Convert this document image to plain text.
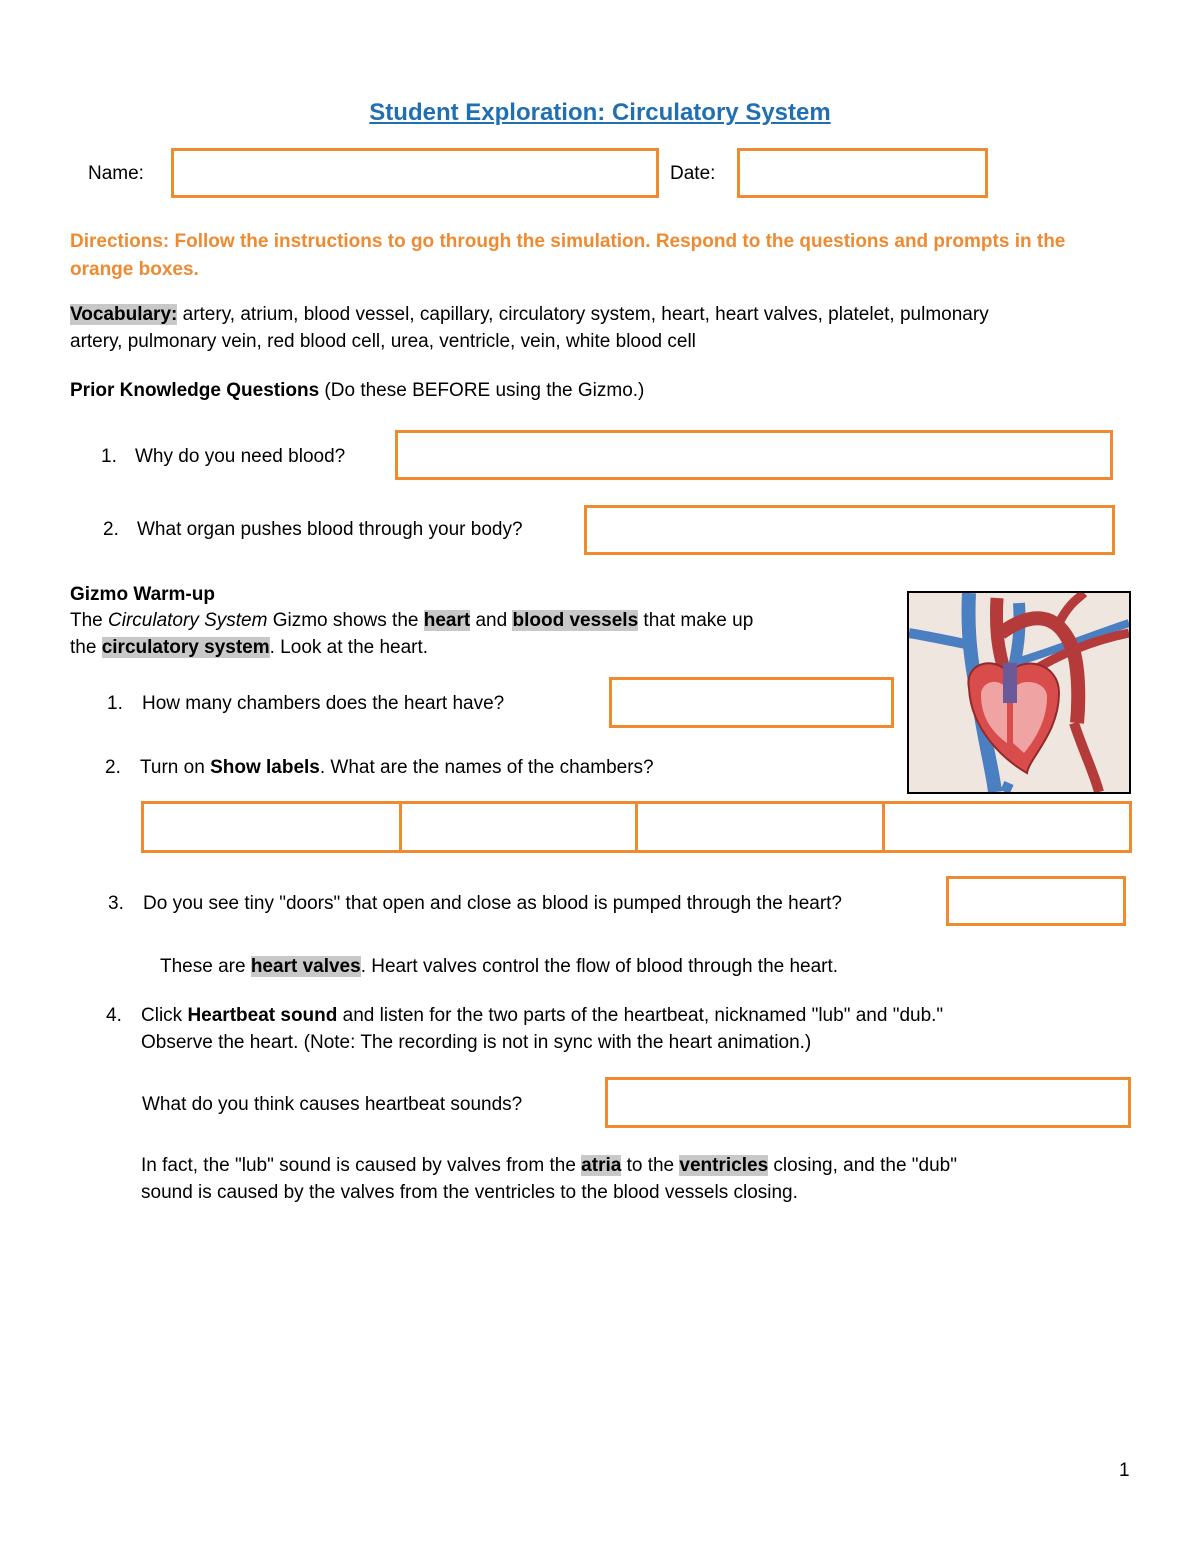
Student Exploration: Circulatory System
Name:	Date:
Directions: Follow the instructions to go through the simulation. Respond to the questions and prompts in the orange boxes.
Vocabulary: artery, atrium, blood vessel, capillary, circulatory system, heart, heart valves, platelet, pulmonary
artery, pulmonary vein, red blood cell, urea, ventricle, vein, white blood cell
Prior Knowledge Questions (Do these BEFORE using the Gizmo.)
1. Why do you need blood?
2. What organ pushes blood through your body?
Gizmo Warm-up
The Circulatory System Gizmo shows the heart and blood vessels that make up
the circulatory system. Look at the heart.
1. How many chambers does the heart have?
2. Turn on Show labels. What are the names of the chambers?
3. Do you see tiny "doors" that open and close as blood is pumped through the heart?
These are heart valves. Heart valves control the flow of blood through the heart.
4. Click Heartbeat sound and listen for the two parts of the heartbeat, nicknamed "lub" and "dub."
Observe the heart. (Note: The recording is not in sync with the heart animation.)
What do you think causes heartbeat sounds?
In fact, the "lub" sound is caused by valves from the atria to the ventricles closing, and the "dub"
sound is caused by the valves from the ventricles to the blood vessels closing.
1
